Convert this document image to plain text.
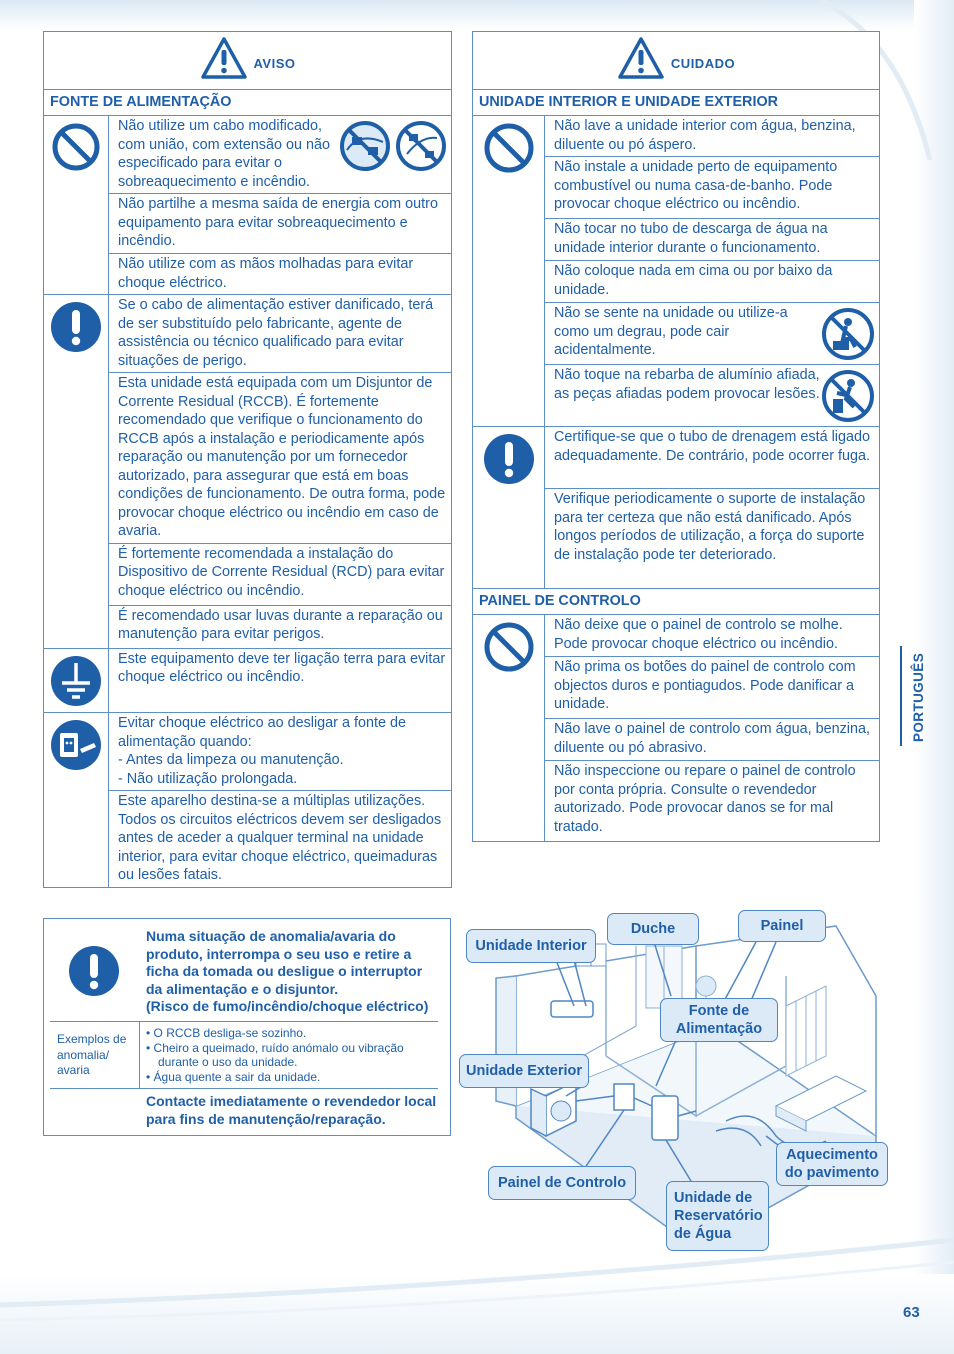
AVISO	

FONTE DE ALIMENTAÇÃO	

Não utilize um cabo modificado, com união, com extensão ou não especificado para evitar o sobreaquecimento e incêndio.

	Não partilhe a mesma saída de energia com outro equipamento para evitar sobreaquecimento e incêndio.
	Não utilize com as mãos molhadas para evitar choque eléctrico.
	Se o cabo de alimentação estiver danificado, terá de ser substituído pelo fabricante, agente de assistência ou técnico qualificado para evitar situações de perigo.
	Esta unidade está equipada com um Disjuntor de Corrente Residual (RCCB). É fortemente recomendado que verifique o funcionamento do RCCB após a instalação e periodicamente após reparação ou manutenção por um fornecedor autorizado, para assegurar que está em boas condições de funcionamento. De outra forma, pode provocar choque eléctrico ou incêndio em caso de avaria.
	É fortemente recomendada a instalação do Dispositivo de Corrente Residual (RCD) para evitar choque eléctrico ou incêndio.
	É recomendado usar luvas durante a reparação ou manutenção para evitar perigos.
	Este equipamento deve ter ligação terra para evitar choque eléctrico ou incêndio.
	Evitar choque eléctrico ao desligar a fonte de alimentação quando:
- Antes da limpeza ou manutenção.
- Não utilização prolongada.
	Este aparelho destina-se a múltiplas utilizações. Todos os circuitos eléctricos devem ser desligados antes de aceder a qualquer terminal na unidade interior, para evitar choque eléctrico, queimaduras ou lesões fatais.
CUIDADO	

UNIDADE INTERIOR E UNIDADE EXTERIOR	
	Não lave a unidade interior com água, benzina, diluente ou pó áspero.
	Não instale a unidade perto de equipamento combustível ou numa casa-de-banho. Pode provocar choque eléctrico ou incêndio.
	Não tocar no tubo de descarga de água na unidade interior durante o funcionamento.
	Não coloque nada em cima ou por baixo da unidade.

	Não se sente na unidade ou utilize-a como um degrau, pode cair acidentalmente.

	Não toque na rebarba de alumínio afiada, as peças afiadas podem provocar lesões.

	Certifique-se que o tubo de drenagem está ligado adequadamente. De contrário, pode ocorrer fuga.
	Verifique periodicamente o suporte de instalação para ter certeza que não está danificado. Após longos períodos de utilização, a força do suporte de instalação pode ter deteriorado.
PAINEL DE CONTROLO	
	Não deixe que o painel de controlo se molhe. Pode provocar choque eléctrico ou incêndio.
	Não prima os botões do painel de controlo com objectos duros e pontiagudos. Pode danificar a unidade.
	Não lave o painel de controlo com água, benzina, diluente ou pó abrasivo.
	Não inspeccione ou repare o painel de controlo por conta própria. Consulte o revendedor autorizado. Pode provocar danos se for mal tratado.
PORTUGUÊS
Numa situação de anomalia/avaria do produto, interrompa o seu uso e retire a ficha da tomada ou desligue o interruptor da alimentação e o disjuntor.
(Risco de fumo/incêndio/choque eléctrico)
Exemplos de anomalia/ avaria
• O RCCB desliga-se sozinho.
• Cheiro a queimado, ruído anómalo ou vibração durante o uso da unidade.
• Água quente a sair da unidade.
Contacte imediatamente o revendedor local para fins de manutenção/reparação.
Unidade Interior
Duche	Painel
Fonte de
Alimentação
Unidade Exterior
Painel de Controlo
Aquecimento
do pavimento
Unidade de
Reservatório
de Água
63
